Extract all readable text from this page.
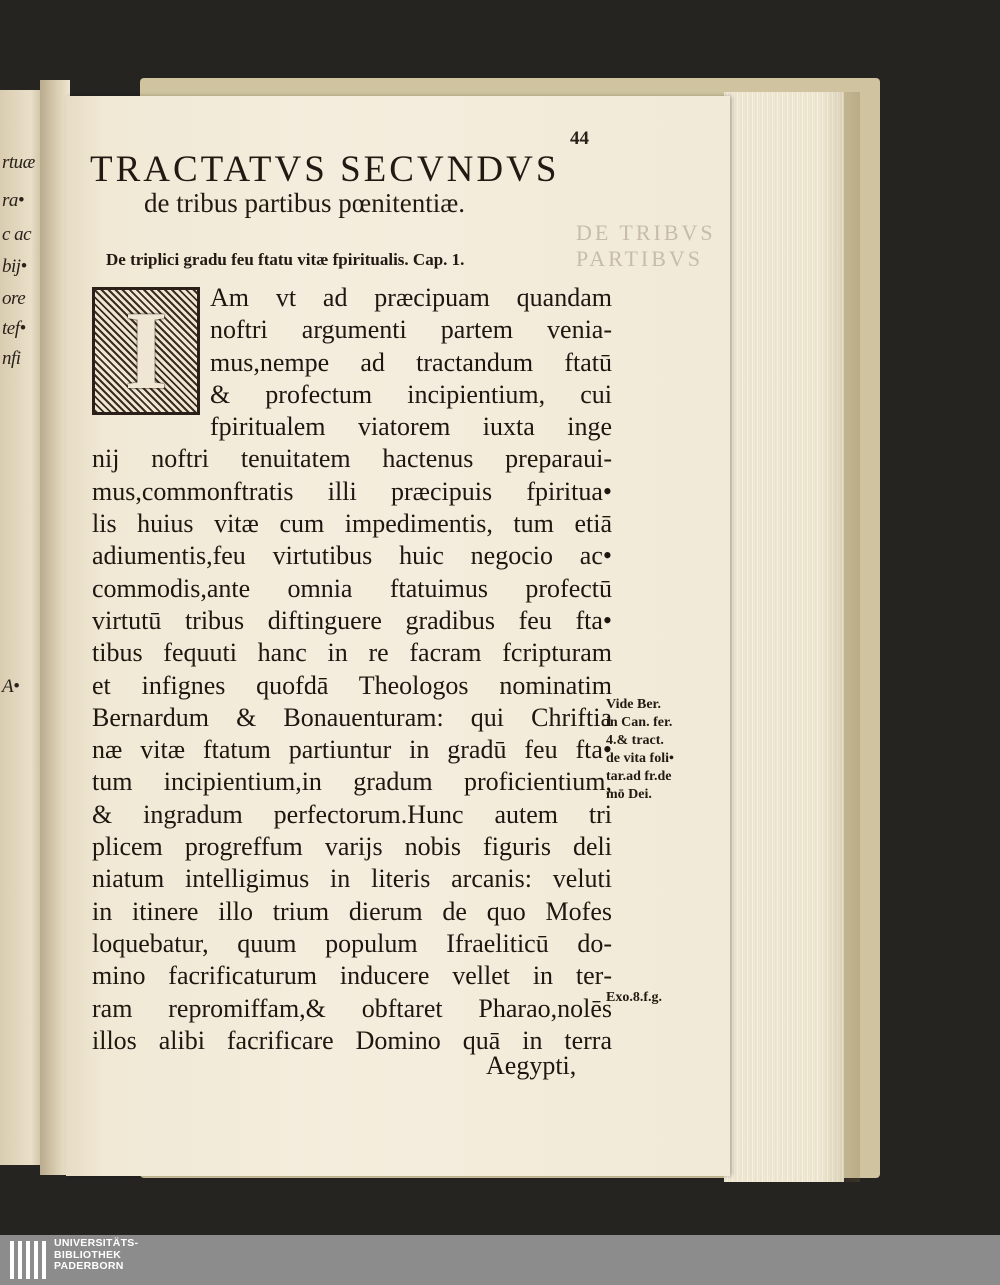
rtuæ
ra•
c ac
bij•
ore
tef•
nfi
A•
DE TRIBVS PARTIBVS
44
TRACTATVS SECVNDVS
de tribus partibus pœnitentiæ.
De triplici gradu feu ftatu vitæ fpiritualis. Cap. 1.
I	Am vt ad præcipuam quandam
noftri argumenti partem venia‐
mus,nempe ad tractandum ftatū
& profectum incipientium, cui
fpiritualem viatorem iuxta inge
nij noftri tenuitatem hactenus preparaui‐
mus,commonftratis illi præcipuis fpiritua•
lis huius vitæ cum impedimentis, tum etiā
adiumentis,feu virtutibus huic negocio ac•
commodis,ante omnia ftatuimus profectū
virtutū tribus diftinguere gradibus feu fta•
tibus fequuti hanc in re facram fcripturam
et infignes quofdā Theologos nominatim
Bernardum & Bonauenturam: qui Chriftia
næ vitæ ftatum partiuntur in gradū feu fta•
tum incipientium,in gradum proficientium,
& ingradum perfectorum.Hunc autem tri
plicem progreffum varijs nobis figuris deli
niatum intelligimus in literis arcanis: veluti
in itinere illo trium dierum de quo Mofes
loquebatur, quum populum Ifraeliticū do‐
mino facrificaturum inducere vellet in ter‐
ram repromiffam,& obftaret Pharao,nolēs
illos alibi facrificare Domino quā in terra
Aegypti,
Vide Ber.
in Can. fer.
4.& tract.
de vita foli•
tar.ad fr.de
mō Dei.
Exo.8.f.g.
UNIVERSITÄTS-
BIBLIOTHEK
PADERBORN
